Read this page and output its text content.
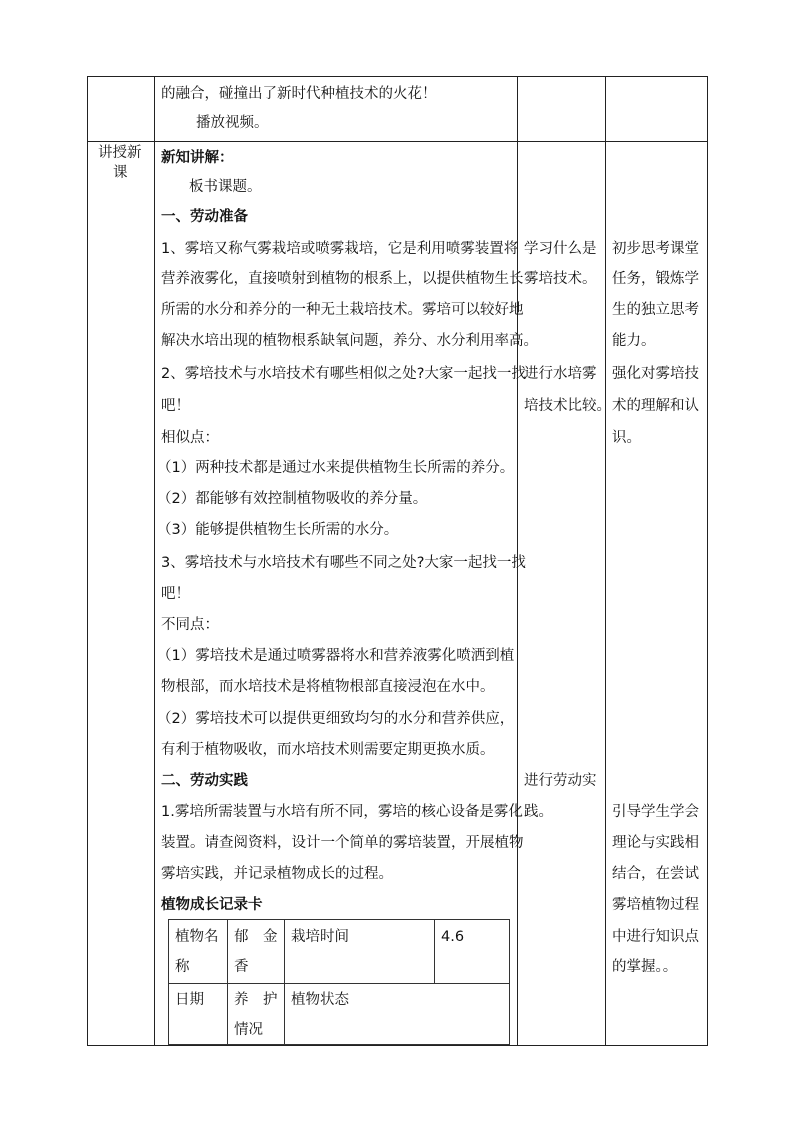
的融合，碰撞出了新时代种植技术的火花！
播放视频。
讲授新
课
新知讲解：
板书课题。
一、劳动准备
1、雾培又称气雾栽培或喷雾栽培，它是利用喷雾装置将
营养液雾化，直接喷射到植物的根系上，以提供植物生长
所需的水分和养分的一种无土栽培技术。雾培可以较好地
解决水培出现的植物根系缺氧问题，养分、水分利用率高。
2、雾培技术与水培技术有哪些相似之处?大家一起找一找
吧！
相似点：
（1）两种技术都是通过水来提供植物生长所需的养分。
（2）都能够有效控制植物吸收的养分量。
（3）能够提供植物生长所需的水分。
3、雾培技术与水培技术有哪些不同之处?大家一起找一找
吧！
不同点：
（1）雾培技术是通过喷雾器将水和营养液雾化喷洒到植
物根部，而水培技术是将植物根部直接浸泡在水中。
（2）雾培技术可以提供更细致均匀的水分和营养供应，
有利于植物吸收，而水培技术则需要定期更换水质。
二、劳动实践
1.雾培所需装置与水培有所不同，雾培的核心设备是雾化
装置。请查阅资料，设计一个简单的雾培装置，开展植物
雾培实践，并记录植物成长的过程。
植物成长记录卡
植物名
称
郁　金
香
栽培时间	4.6
日期 养　护
情况
植物状态
学习什么是
雾培技术。
进行水培雾
培技术比较。
进行劳动实
践。
初步思考课堂
任务，锻炼学
生的独立思考
能力。
强化对雾培技
术的理解和认
识。
引导学生学会
理论与实践相
结合，在尝试
雾培植物过程
中进行知识点
的掌握。。
